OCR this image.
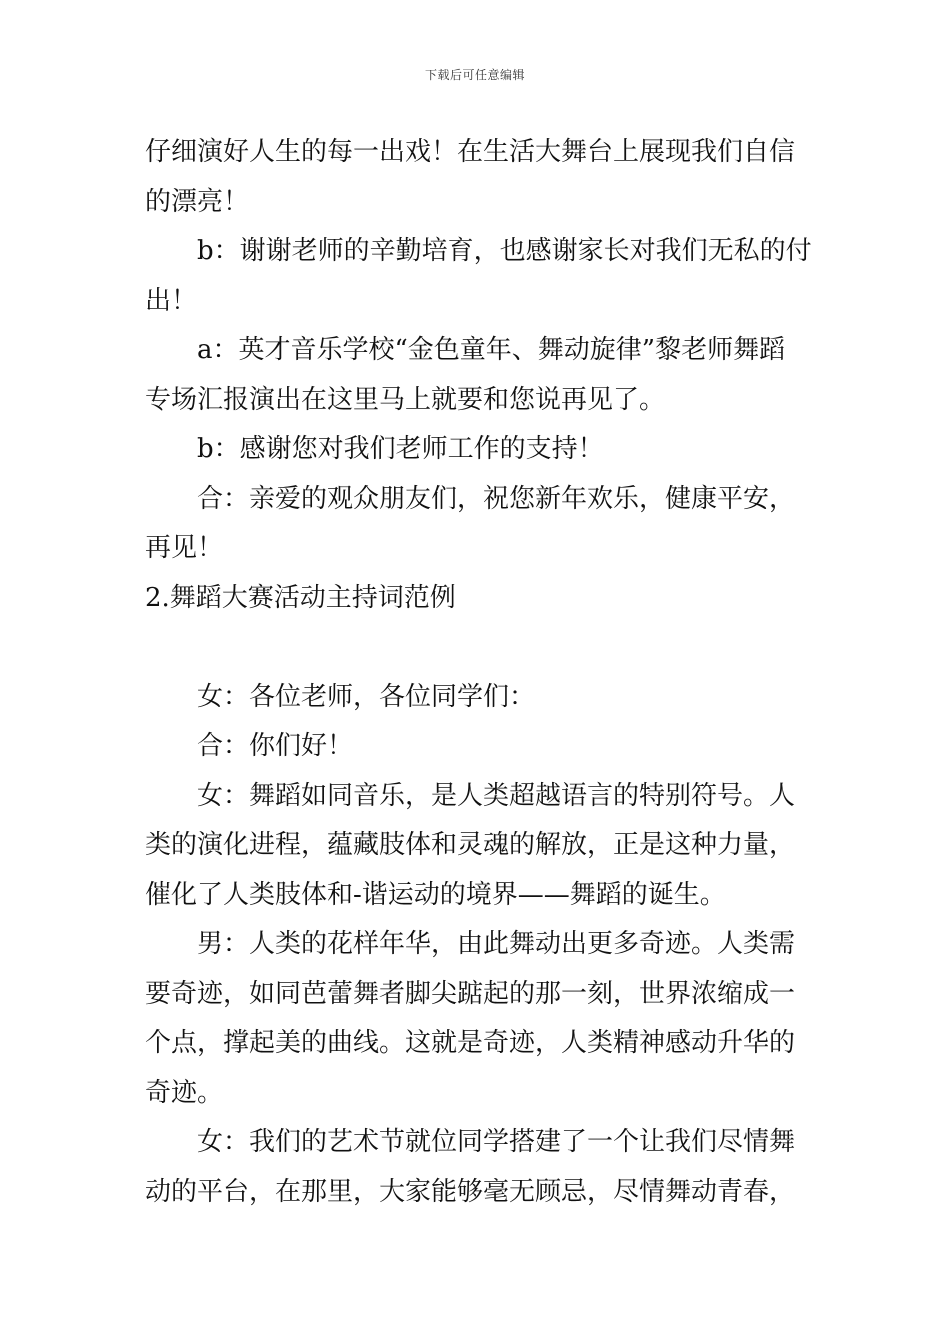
下载后可任意编辑
仔细演好人生的每一出戏！在生活大舞台上展现我们自信
的漂亮！
b：谢谢老师的辛勤培育，也感谢家长对我们无私的付
出！
a：英才音乐学校“金色童年、舞动旋律”黎老师舞蹈
专场汇报演出在这里马上就要和您说再见了。
b：感谢您对我们老师工作的支持！
合：亲爱的观众朋友们，祝您新年欢乐，健康平安，
再见！
2.舞蹈大赛活动主持词范例
女：各位老师，各位同学们：
合：你们好！
女：舞蹈如同音乐，是人类超越语言的特别符号。人
类的演化进程，蕴藏肢体和灵魂的解放，正是这种力量，
催化了人类肢体和-谐运动的境界——舞蹈的诞生。
男：人类的花样年华，由此舞动出更多奇迹。人类需
要奇迹，如同芭蕾舞者脚尖踮起的那一刻，世界浓缩成一
个点，撑起美的曲线。这就是奇迹，人类精神感动升华的
奇迹。
女：我们的艺术节就位同学搭建了一个让我们尽情舞
动的平台，在那里，大家能够毫无顾忌，尽情舞动青春，
